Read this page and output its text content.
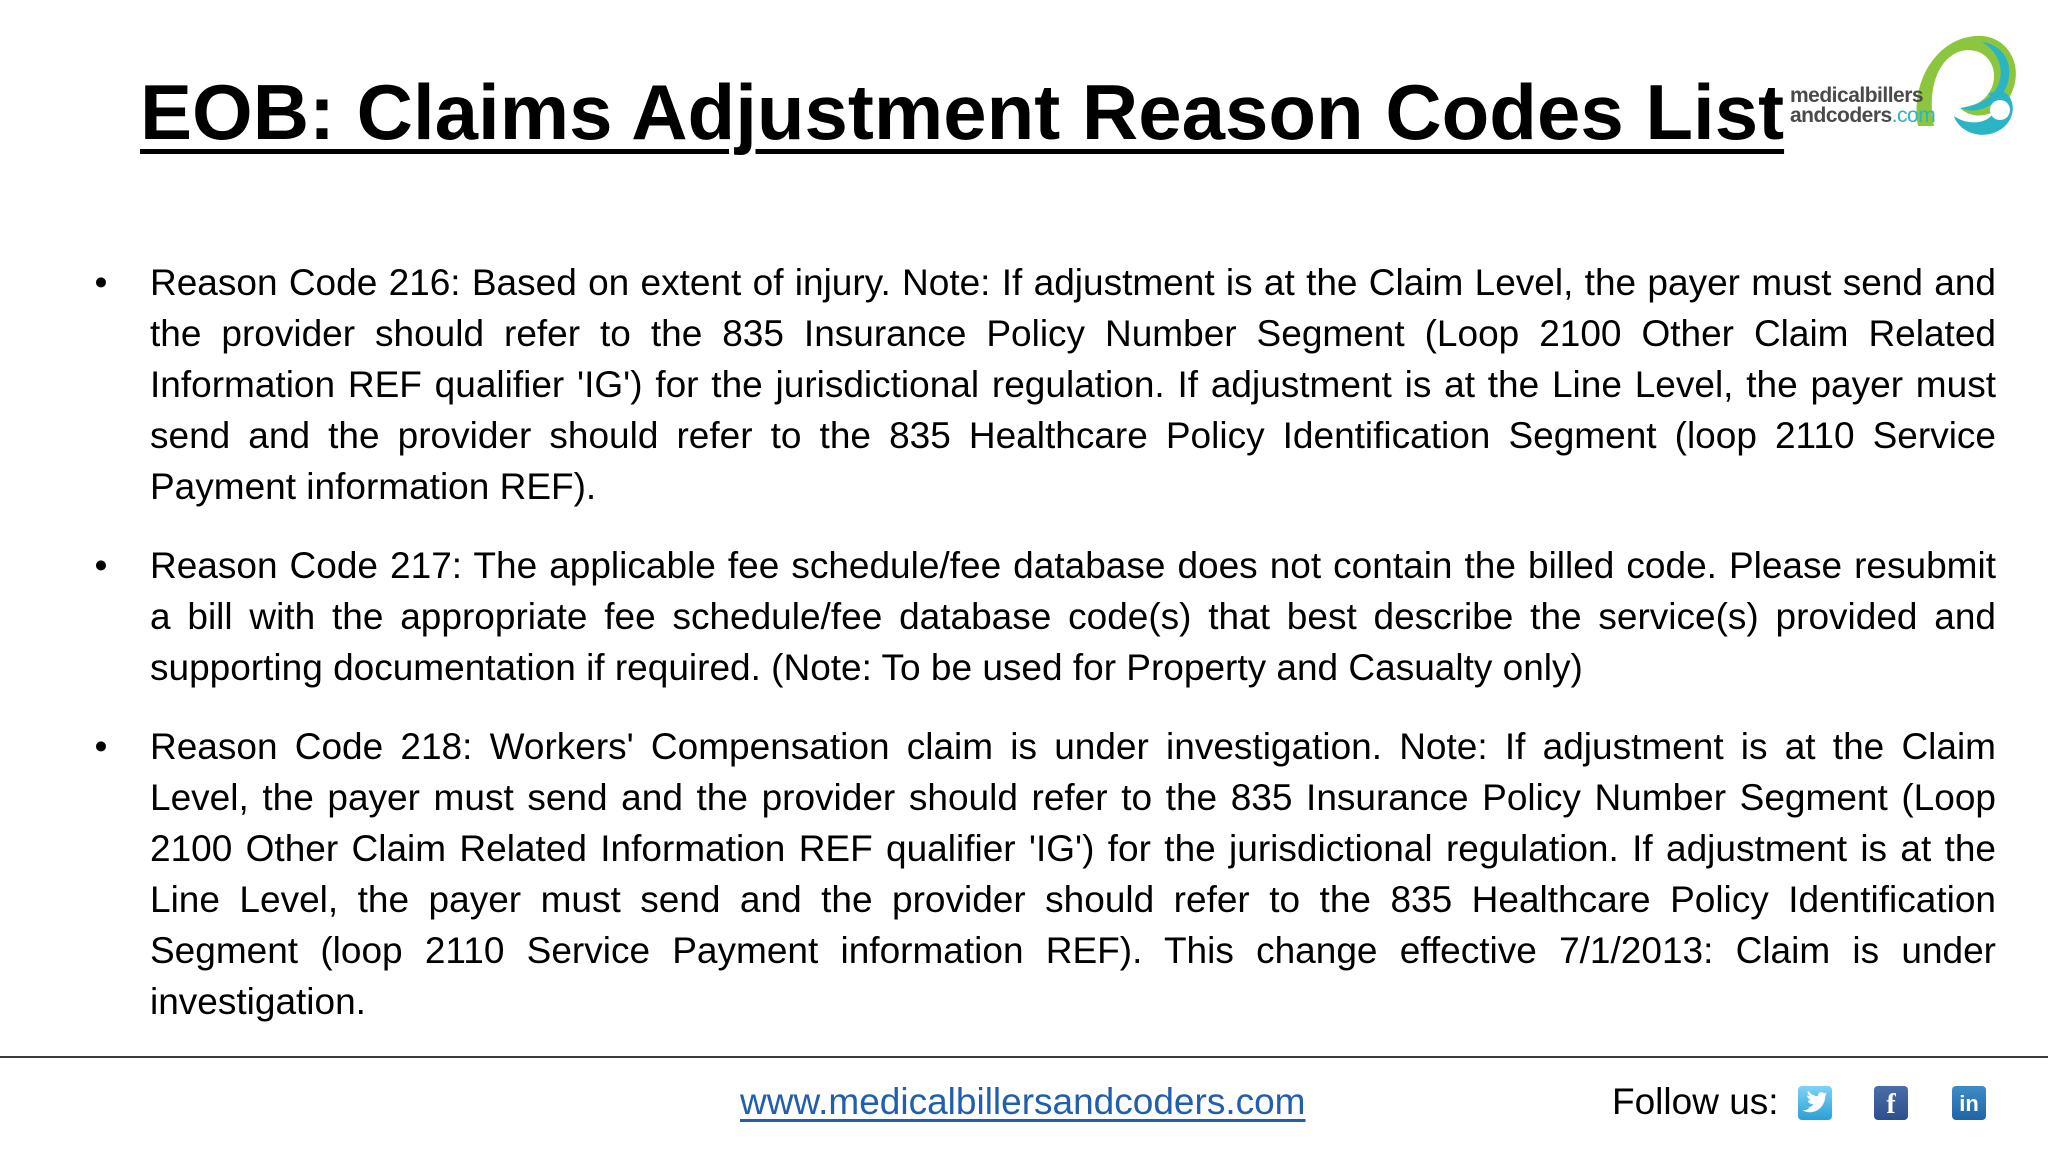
EOB: Claims Adjustment Reason Codes List medicalbillers
andcoders.com
• Reason Code 216: Based on extent of injury. Note: If adjustment is at the Claim Level, the payer must send and the provider should refer to the 835 Insurance Policy Number Segment (Loop 2100 Other Claim Related Information REF qualifier 'IG') for the jurisdictional regulation. If adjustment is at the Line Level, the payer must send and the provider should refer to the 835 Healthcare Policy Identification Segment (loop 2110 Service Payment information REF).
• Reason Code 217: The applicable fee schedule/fee database does not contain the billed code. Please resubmit a bill with the appropriate fee schedule/fee database code(s) that best describe the service(s) provided and supporting documentation if required. (Note: To be used for Property and Casualty only)
• Reason Code 218: Workers' Compensation claim is under investigation. Note: If adjustment is at the Claim Level, the payer must send and the provider should refer to the 835 Insurance Policy Number Segment (Loop 2100 Other Claim Related Information REF qualifier 'IG') for the jurisdictional regulation. If adjustment is at the Line Level, the payer must send and the provider should refer to the 835 Healthcare Policy Identification Segment (loop 2110 Service Payment information REF). This change effective 7/1/2013: Claim is under investigation.
www.medicalbillersandcoders.com	Follow us:	f	in
